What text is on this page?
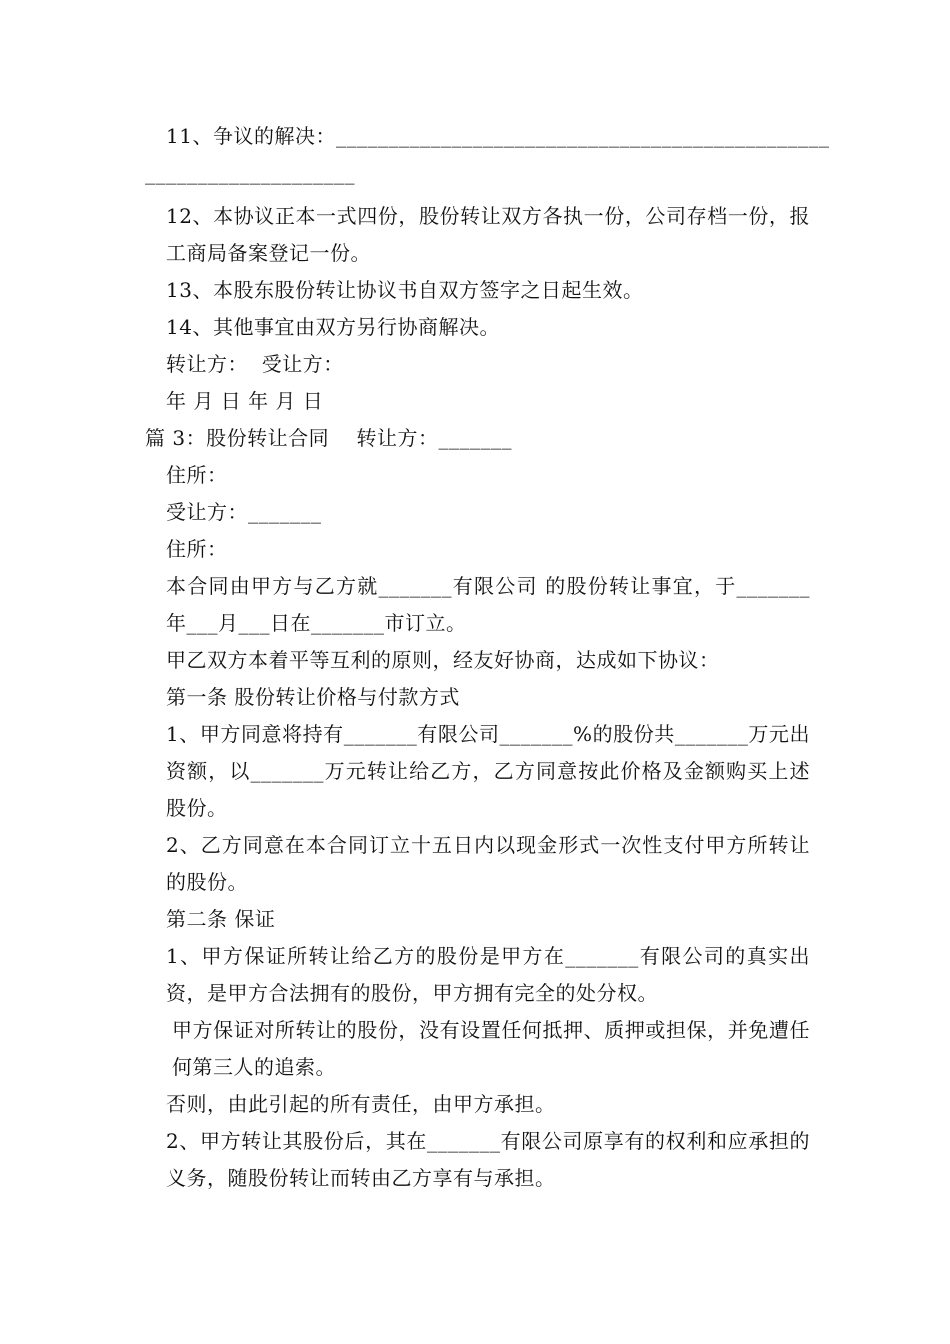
11、争议的解决：_______________________________________________
____________________
12、本协议正本一式四份，股份转让双方各执一份，公司存档一份，报工商局备案登记一份。
13、本股东股份转让协议书自双方签字之日起生效。
14、其他事宜由双方另行协商解决。
转让方：  受让方：
年 月 日 年 月 日
篇 3：股份转让合同    转让方：_______
住所：
受让方：_______
住所：
本合同由甲方与乙方就_______有限公司 的股份转让事宜，于_______年___月___日在_______市订立。
甲乙双方本着平等互利的原则，经友好协商，达成如下协议：
第一条 股份转让价格与付款方式
1、甲方同意将持有_______有限公司_______%的股份共_______万元出资额，以_______万元转让给乙方，乙方同意按此价格及金额购买上述股份。
2、乙方同意在本合同订立十五日内以现金形式一次性支付甲方所转让的股份。
第二条 保证
1、甲方保证所转让给乙方的股份是甲方在_______有限公司的真实出资，是甲方合法拥有的股份，甲方拥有完全的处分权。
甲方保证对所转让的股份，没有设置任何抵押、质押或担保，并免遭任何第三人的追索。
否则，由此引起的所有责任，由甲方承担。
2、甲方转让其股份后，其在_______有限公司原享有的权利和应承担的义务，随股份转让而转由乙方享有与承担。
